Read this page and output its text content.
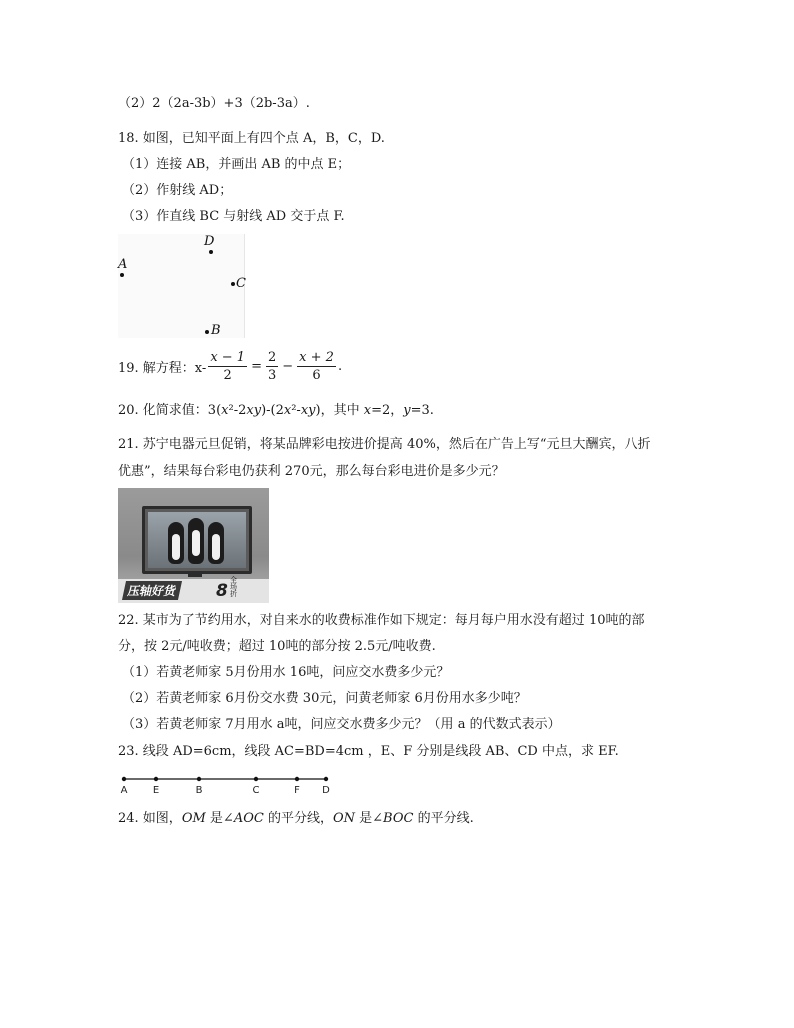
（2）2（2a-3b）+3（2b-3a）.
18. 如图，已知平面上有四个点 A，B，C，D.
（1）连接 AB，并画出 AB 的中点 E；
（2）作射线 AD；
（3）作直线 BC 与射线 AD 交于点 F.
D
A
C
B
19. 解方程：$x- \frac{x - 1}{2} = \frac{2}{3} - \frac{x + 2}{6}$ .
20. 化简求值：3(x²-2xy)-(2x²-xy)，其中 x=2，y=3.
21. 苏宁电器元旦促销，将某品牌彩电按进价提高 40%，然后在广告上写“元旦大酬宾，八折
优惠”，结果每台彩电仍获利 270元，那么每台彩电进价是多少元？
压轴好货 8
全场 折
22. 某市为了节约用水，对自来水的收费标准作如下规定：每月每户用水没有超过 10吨的部
分，按 2元/吨收费；超过 10吨的部分按 2.5元/吨收费.
（1）若黄老师家 5月份用水 16吨，问应交水费多少元？
（2）若黄老师家 6月份交水费 30元，问黄老师家 6月份用水多少吨？
（3）若黄老师家 7月用水 a吨，问应交水费多少元？（用 a 的代数式表示）
23. 线段 AD=6cm，线段 AC=BD=4cm ，E、F 分别是线段 AB、CD 中点，求 EF.
A	E	B	C	F	D
24. 如图，OM 是∠AOC 的平分线，ON 是∠BOC 的平分线.
